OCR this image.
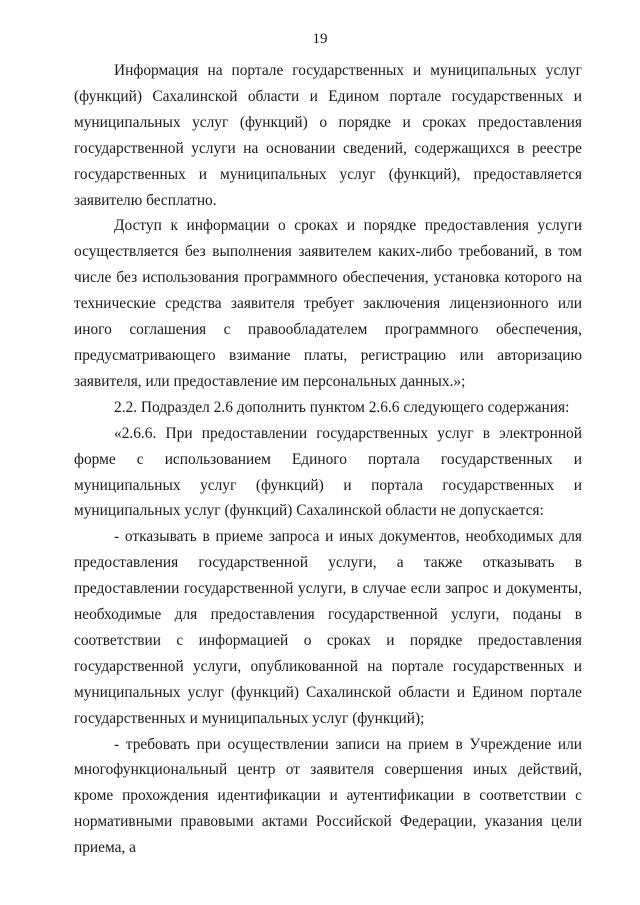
19

Информация на портале государственных и муниципальных услуг (функций) Сахалинской области и Едином портале государственных и муниципальных услуг (функций) о порядке и сроках предоставления государственной услуги на основании сведений, содержащихся в реестре государственных и муниципальных услуг (функций), предоставляется заявителю бесплатно.

Доступ к информации о сроках и порядке предоставления услуги осуществляется без выполнения заявителем каких-либо требований, в том числе без использования программного обеспечения, установка которого на технические средства заявителя требует заключения лицензионного или иного соглашения с правообладателем программного обеспечения, предусматривающего взимание платы, регистрацию или авторизацию заявителя, или предоставление им персональных данных.»;

2.2. Подраздел 2.6 дополнить пунктом 2.6.6 следующего содержания:

«2.6.6. При предоставлении государственных услуг в электронной форме с использованием Единого портала государственных и муниципальных услуг (функций) и портала государственных и муниципальных услуг (функций) Сахалинской области не допускается:

- отказывать в приеме запроса и иных документов, необходимых для предоставления государственной услуги, а также отказывать в предоставлении государственной услуги, в случае если запрос и документы, необходимые для предоставления государственной услуги, поданы в соответствии с информацией о сроках и порядке предоставления государственной услуги, опубликованной на портале государственных и муниципальных услуг (функций) Сахалинской области и Едином портале государственных и муниципальных услуг (функций);

- требовать при осуществлении записи на прием в Учреждение или многофункциональный центр от заявителя совершения иных действий, кроме прохождения идентификации и аутентификации в соответствии с нормативными правовыми актами Российской Федерации, указания цели приема, а
